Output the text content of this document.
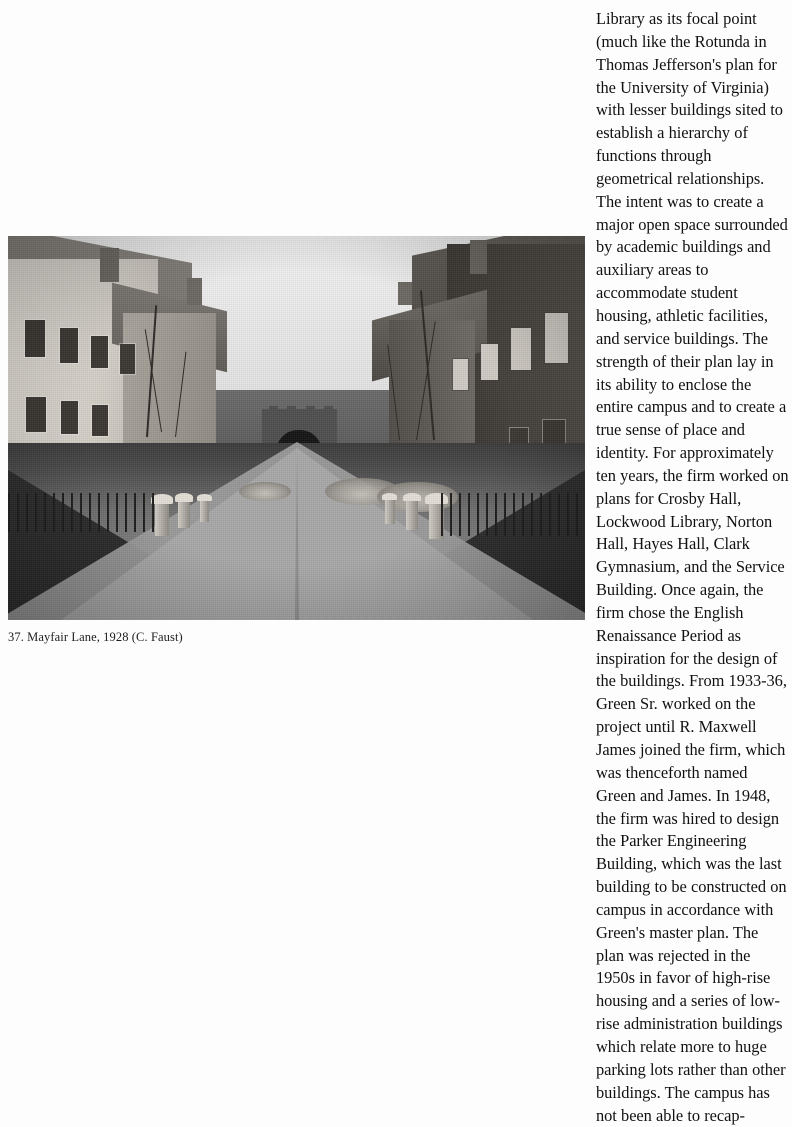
37. Mayfair Lane, 1928 (C. Faust)

Library as its focal point (much like the Rotunda in Thomas Jefferson's plan for the University of Virginia) with lesser buildings sited to establish a hierarchy of functions through geometrical relationships. The intent was to create a major open space surrounded by academic buildings and auxiliary areas to accommodate student housing, athletic facilities, and service buildings. The strength of their plan lay in its ability to enclose the entire campus and to create a true sense of place and identity. For approximately ten years, the firm worked on plans for Crosby Hall, Lockwood Library, Norton Hall, Hayes Hall, Clark Gymnasium, and the Service Building. Once again, the firm chose the English Renaissance Period as inspiration for the design of the buildings. From 1933-36, Green Sr. worked on the project until R. Maxwell James joined the firm, which was thenceforth named Green and James. In 1948, the firm was hired to design the Parker Engineering Building, which was the last building to be constructed on campus in accordance with Green's master plan. The plan was rejected in the 1950s in favor of high-rise housing and a series of low-rise administration buildings which relate more to huge parking lots rather than other buildings. The campus has not been able to recap-
